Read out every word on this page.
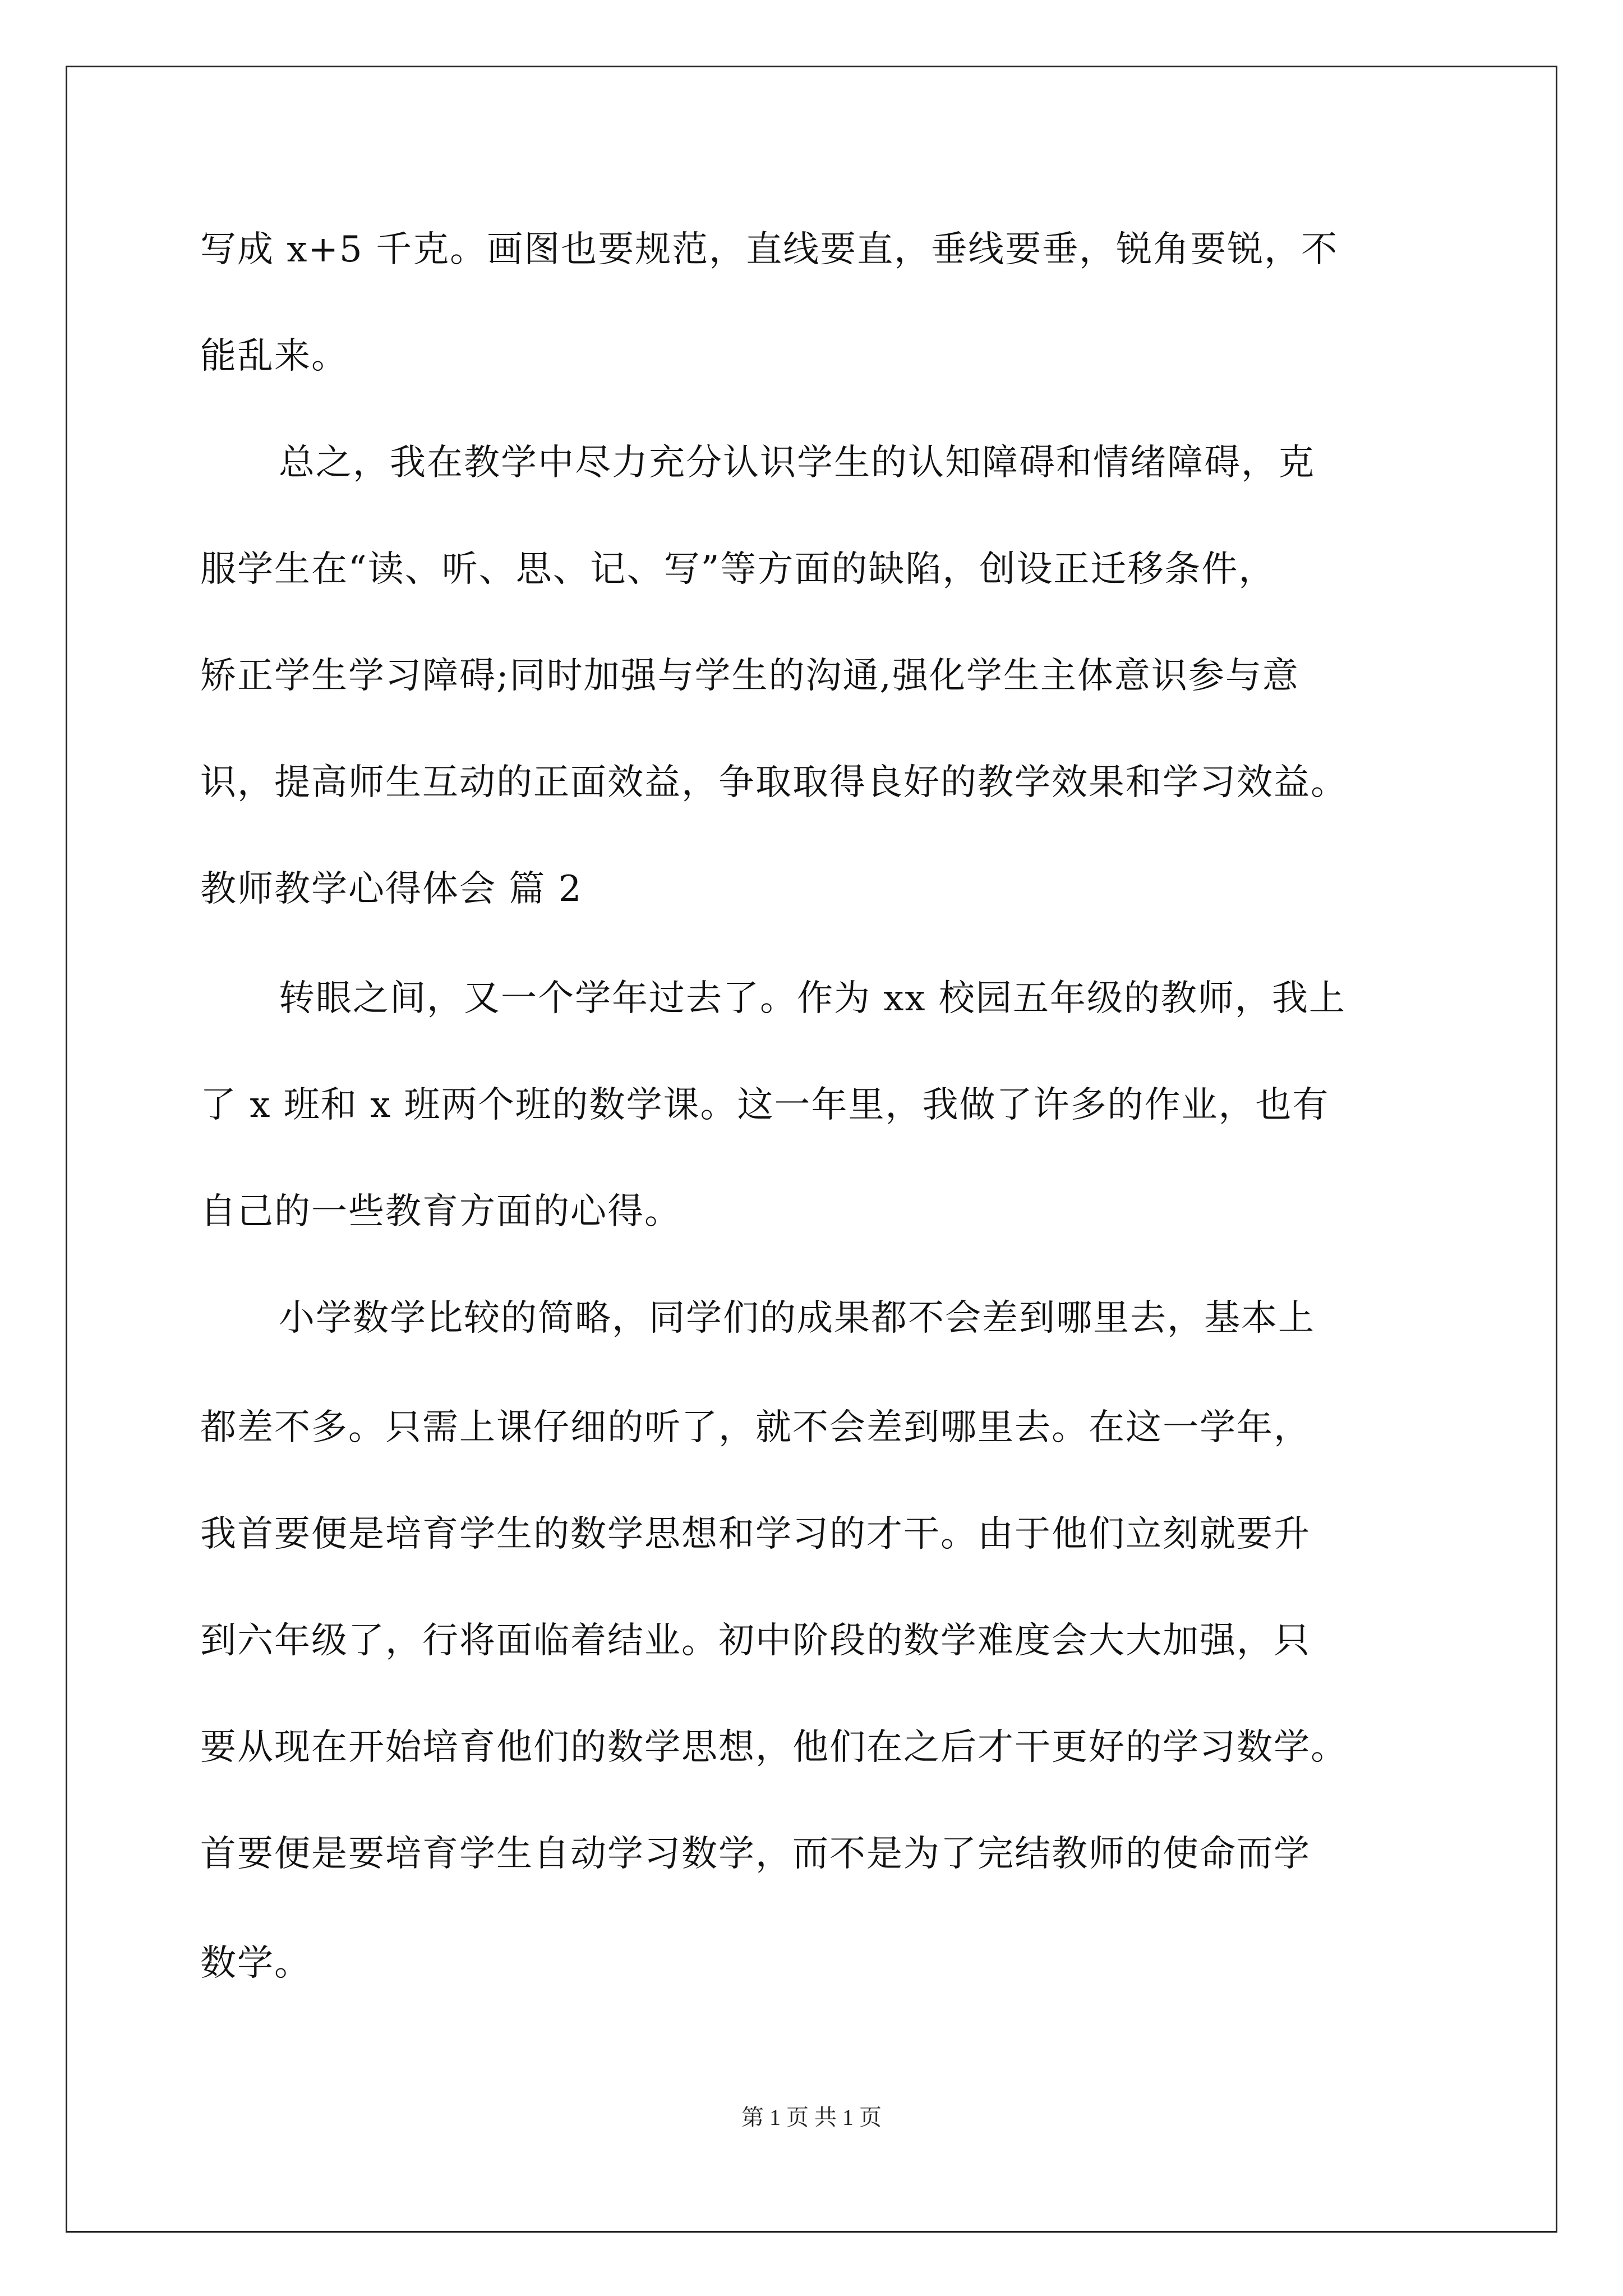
写成 x+5 千克。画图也要规范，直线要直，垂线要垂，锐角要锐，不
能乱来。
总之，我在教学中尽力充分认识学生的认知障碍和情绪障碍，克
服学生在“读、听、思、记、写”等方面的缺陷，创设正迁移条件，
矫正学生学习障碍;同时加强与学生的沟通,强化学生主体意识参与意
识，提高师生互动的正面效益，争取取得良好的教学效果和学习效益。
教师教学心得体会 篇 2
转眼之间，又一个学年过去了。作为 xx 校园五年级的教师，我上
了 x 班和 x 班两个班的数学课。这一年里，我做了许多的作业，也有
自己的一些教育方面的心得。
小学数学比较的简略，同学们的成果都不会差到哪里去，基本上
都差不多。只需上课仔细的听了，就不会差到哪里去。在这一学年，
我首要便是培育学生的数学思想和学习的才干。由于他们立刻就要升
到六年级了，行将面临着结业。初中阶段的数学难度会大大加强，只
要从现在开始培育他们的数学思想，他们在之后才干更好的学习数学。
首要便是要培育学生自动学习数学，而不是为了完结教师的使命而学
数学。
第 1 页 共 1 页
